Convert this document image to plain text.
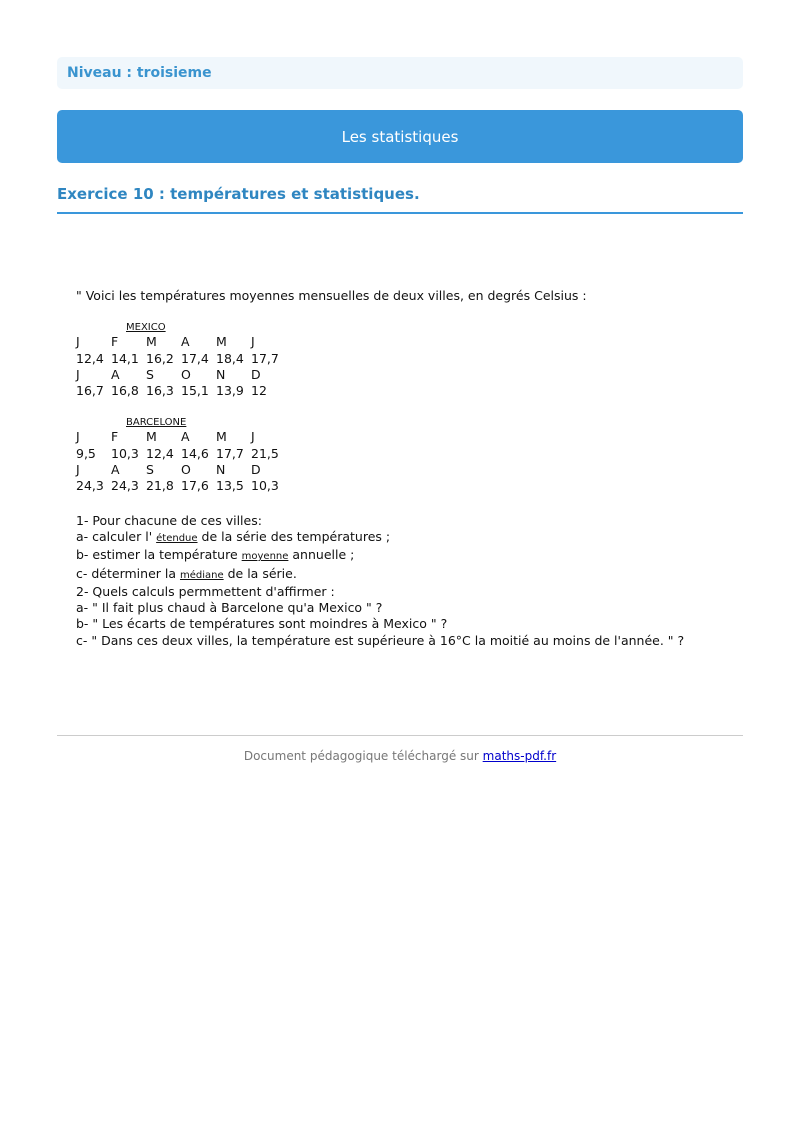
Niveau : troisieme
Les statistiques
Exercice 10 : températures et statistiques.
" Voici les températures moyennes mensuelles de deux villes, en degrés Celsius :
MEXICO
J	F	M	A	M	J
12,4 14,1 16,2 17,4 18,4 17,7
J	A	S	O	N	D
16,7 16,8 16,3 15,1 13,9 12
BARCELONE
J	F	M	A	M	J
9,5	10,3 12,4 14,6 17,7 21,5
J	A	S	O	N	D
24,3 24,3 21,8 17,6 13,5 10,3
1- Pour chacune de ces villes:
a- calculer l' étendue de la série des températures ;
b- estimer la température moyenne annuelle ;
c- déterminer la médiane de la série.
2- Quels calculs permmettent d'affirmer :
a- " Il fait plus chaud à Barcelone qu'a Mexico " ?
b- " Les écarts de températures sont moindres à Mexico " ?
c- " Dans ces deux villes, la température est supérieure à 16°C la moitié au moins de l'année. " ?
Document pédagogique téléchargé sur maths-pdf.fr
